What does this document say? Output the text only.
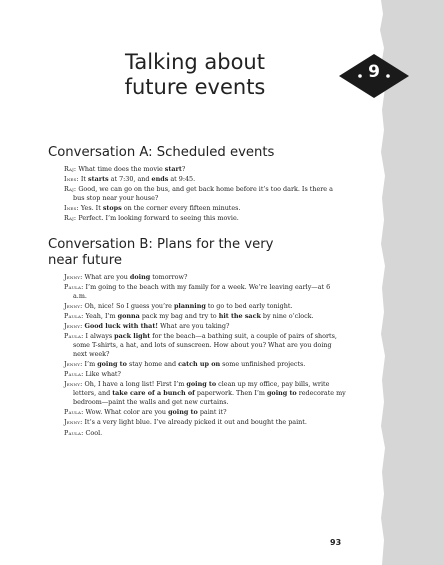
Talking about
future events
9
Conversation A: Scheduled events
Raj: What time does the movie start?
Ines: It starts at 7:30, and ends at 9:45.
Raj: Good, we can go on the bus, and get back home before it’s too dark. Is there a bus stop near your house?
Ines: Yes. It stops on the corner every fifteen minutes.
Raj: Perfect. I’m looking forward to seeing this movie.
Conversation B: Plans for the very
near future
Jenny: What are you doing tomorrow?
Paula: I’m going to the beach with my family for a week. We’re leaving early—at 6 a.m.
Jenny: Oh, nice! So I guess you’re planning to go to bed early tonight.
Paula: Yeah, I’m gonna pack my bag and try to hit the sack by nine o’clock.
Jenny: Good luck with that! What are you taking?
Paula: I always pack light for the beach—a bathing suit, a couple of pairs of shorts, some T-shirts, a hat, and lots of sunscreen. How about you? What are you doing next week?
Jenny: I’m going to stay home and catch up on some unfinished projects.
Paula: Like what?
Jenny: Oh, I have a long list! First I’m going to clean up my office, pay bills, write letters, and take care of a bunch of paperwork. Then I’m going to redecorate my bedroom—paint the walls and get new curtains.
Paula: Wow. What color are you going to paint it?
Jenny: It’s a very light blue. I’ve already picked it out and bought the paint.
Paula: Cool.
93
